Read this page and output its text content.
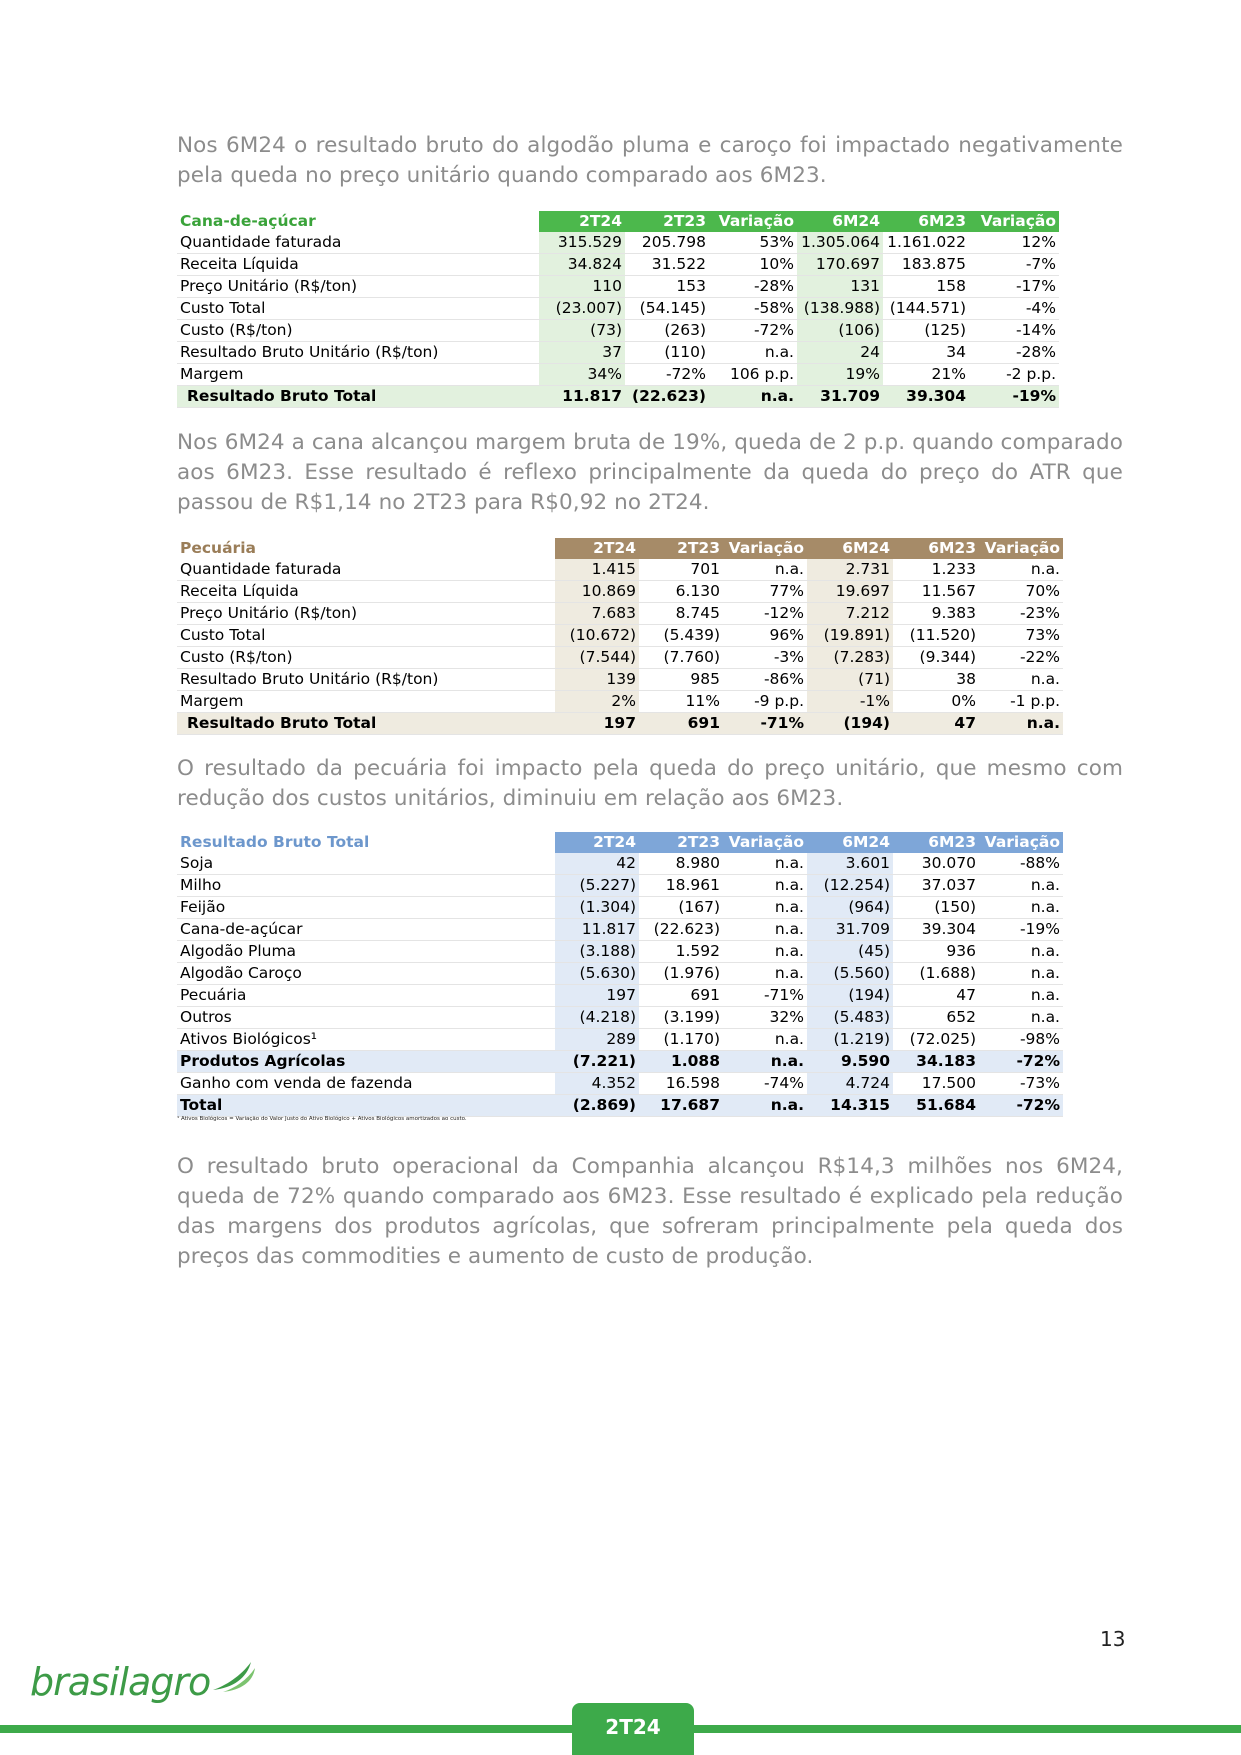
Nos 6M24 o resultado bruto do algodão pluma e caroço foi impactado negativamente pela queda no preço unitário quando comparado aos 6M23.

Cana-de-açúcar	2T24	2T23	Variação	6M24	6M23	Variação
Quantidade faturada	315.529	205.798	53%	1.305.064	1.161.022	12%
Receita Líquida	34.824	31.522	10%	170.697	183.875	-7%
Preço Unitário (R$/ton)	110	153	-28%	131	158	-17%
Custo Total	(23.007)	(54.145)	-58%	(138.988)	(144.571)	-4%
Custo (R$/ton)	(73)	(263)	-72%	(106)	(125)	-14%
Resultado Bruto Unitário (R$/ton)	37	(110)	n.a.	24	34	-28%
Margem	34%	-72%	106 p.p.	19%	21%	-2 p.p.
Resultado Bruto Total	11.817	(22.623)	n.a.	31.709	39.304	-19%

Nos 6M24 a cana alcançou margem bruta de 19%, queda de 2 p.p. quando comparado aos 6M23. Esse resultado é reflexo principalmente da queda do preço do ATR que passou de R$1,14 no 2T23 para R$0,92 no 2T24.

Pecuária	2T24	2T23	Variação	6M24	6M23	Variação
Quantidade faturada	1.415	701	n.a.	2.731	1.233	n.a.
Receita Líquida	10.869	6.130	77%	19.697	11.567	70%
Preço Unitário (R$/ton)	7.683	8.745	-12%	7.212	9.383	-23%
Custo Total	(10.672)	(5.439)	96%	(19.891)	(11.520)	73%
Custo (R$/ton)	(7.544)	(7.760)	-3%	(7.283)	(9.344)	-22%
Resultado Bruto Unitário (R$/ton)	139	985	-86%	(71)	38	n.a.
Margem	2%	11%	-9 p.p.	-1%	0%	-1 p.p.
Resultado Bruto Total	197	691	-71%	(194)	47	n.a.

O resultado da pecuária foi impacto pela queda do preço unitário, que mesmo com redução dos custos unitários, diminuiu em relação aos 6M23.

Resultado Bruto Total	2T24	2T23	Variação	6M24	6M23	Variação
Soja	42	8.980	n.a.	3.601	30.070	-88%
Milho	(5.227)	18.961	n.a.	(12.254)	37.037	n.a.
Feijão	(1.304)	(167)	n.a.	(964)	(150)	n.a.
Cana-de-açúcar	11.817	(22.623)	n.a.	31.709	39.304	-19%
Algodão Pluma	(3.188)	1.592	n.a.	(45)	936	n.a.
Algodão Caroço	(5.630)	(1.976)	n.a.	(5.560)	(1.688)	n.a.
Pecuária	197	691	-71%	(194)	47	n.a.
Outros	(4.218)	(3.199)	32%	(5.483)	652	n.a.
Ativos Biológicos¹	289	(1.170)	n.a.	(1.219)	(72.025)	-98%
Produtos Agrícolas	(7.221)	1.088	n.a.	9.590	34.183	-72%
Ganho com venda de fazenda	4.352	16.598	-74%	4.724	17.500	-73%
Total	(2.869)	17.687	n.a.	14.315	51.684	-72%
¹ Ativos Biológicos = Variação do Valor Justo do Ativo Biológico + Ativos Biológicos amortizados ao custo.

O resultado bruto operacional da Companhia alcançou R$14,3 milhões nos 6M24, queda de 72% quando comparado aos 6M23. Esse resultado é explicado pela redução das margens dos produtos agrícolas, que sofreram principalmente pela queda dos preços das commodities e aumento de custo de produção.

13
brasilagro
2T24
